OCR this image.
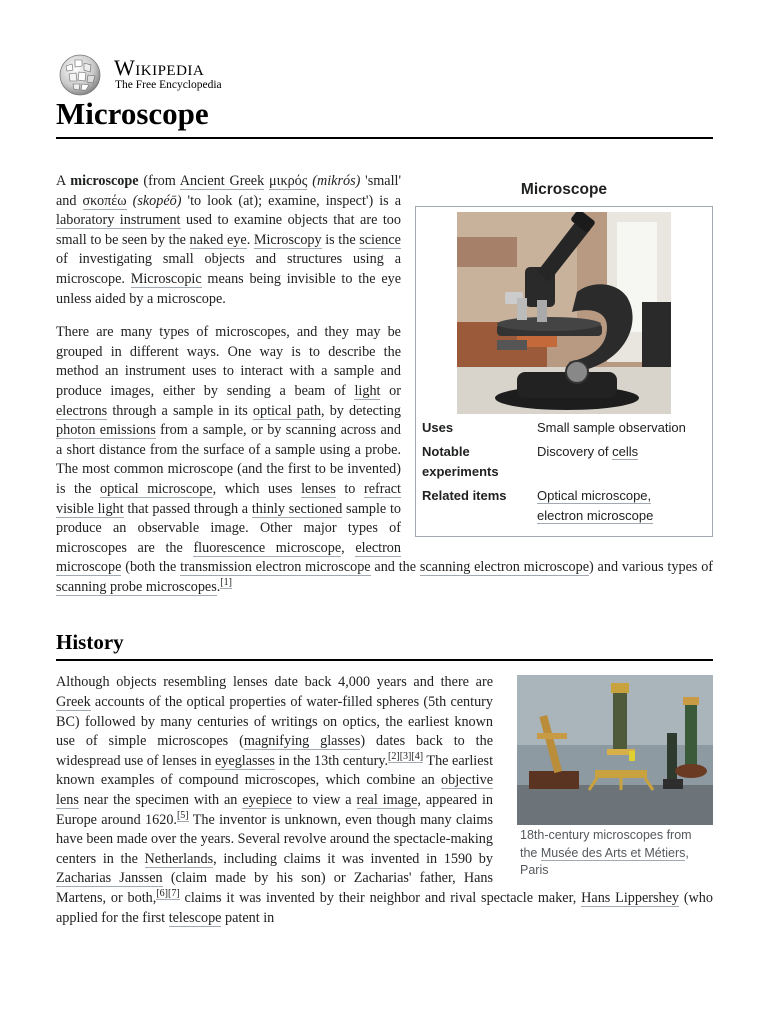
Wikipedia
The Free Encyclopedia
Microscope
Microscope
Uses	Small sample observation
Notable experiments
Discovery of cells
Related items	Optical microscope,
electron microscope

A microscope (from Ancient Greek μικρός (mikrós) 'small' and σκοπέω (skopéō) 'to look (at); examine, inspect') is a laboratory instrument used to examine objects that are too small to be seen by the naked eye. Microscopy is the science of investigating small objects and structures using a microscope. Microscopic means being invisible to the eye unless aided by a microscope.

There are many types of microscopes, and they may be grouped in different ways. One way is to describe the method an instrument uses to interact with a sample and produce images, either by sending a beam of light or electrons through a sample in its optical path, by detecting photon emissions from a sample, or by scanning across and a short distance from the surface of a sample using a probe. The most common microscope (and the first to be invented) is the optical microscope, which uses lenses to refract visible light that passed through a thinly sectioned sample to produce an observable image. Other major types of microscopes are the fluorescence microscope, electron microscope (both the transmission electron microscope and the scanning electron microscope) and various types of scanning probe microscopes.[1]

History
18th-century microscopes from the Musée des Arts et Métiers, Paris

Although objects resembling lenses date back 4,000 years and there are Greek accounts of the optical properties of water-filled spheres (5th century BC) followed by many centuries of writings on optics, the earliest known use of simple microscopes (magnifying glasses) dates back to the widespread use of lenses in eyeglasses in the 13th century.[2][3][4] The earliest known examples of compound microscopes, which combine an objective lens near the specimen with an eyepiece to view a real image, appeared in Europe around 1620.[5] The inventor is unknown, even though many claims have been made over the years. Several revolve around the spectacle-making centers in the Netherlands, including claims it was invented in 1590 by Zacharias Janssen (claim made by his son) or Zacharias' father, Hans Martens, or both,[6][7] claims it was invented by their neighbor and rival spectacle maker, Hans Lippershey (who applied for the first telescope patent in
